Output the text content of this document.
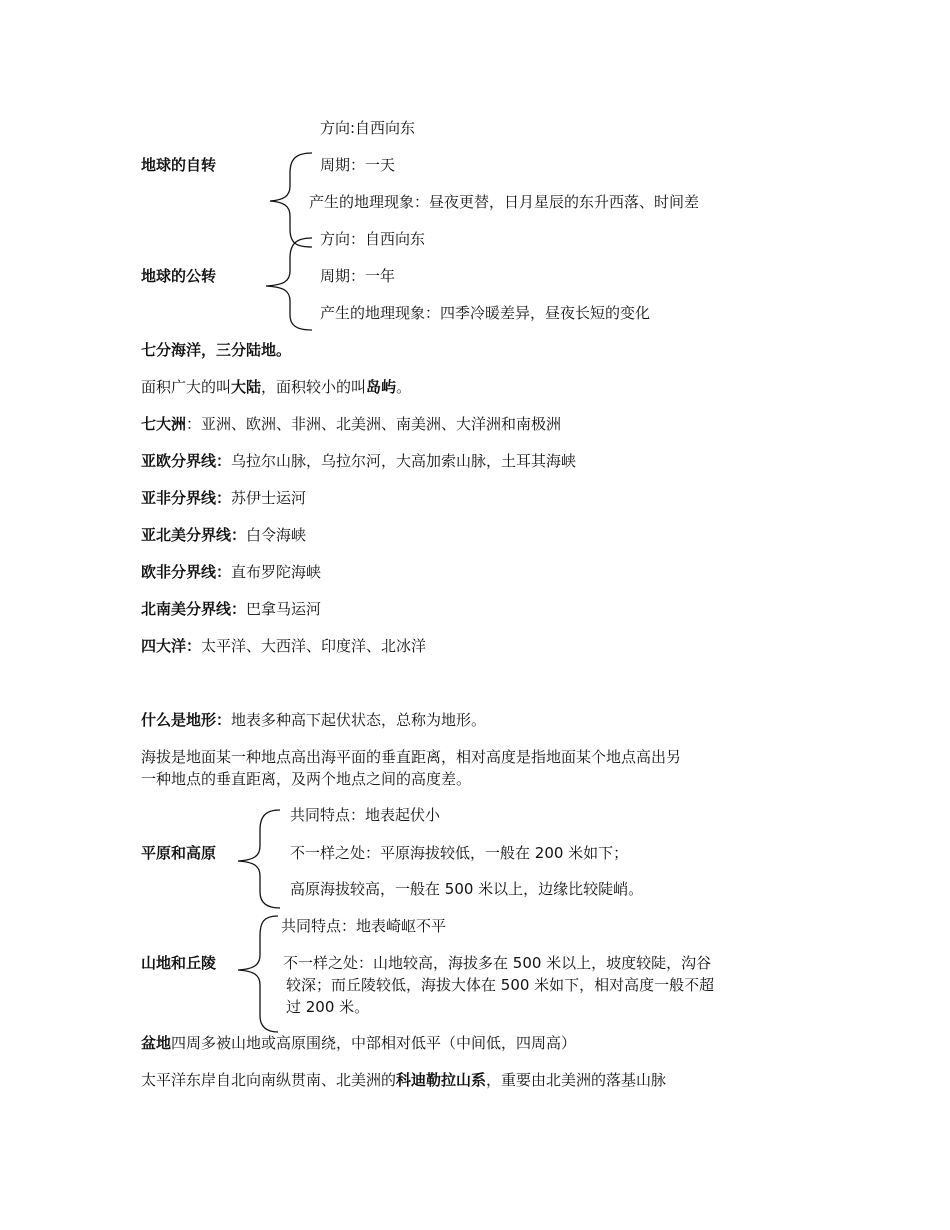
方向:自西向东
地球的自转	周期：一天
产生的地理现象：昼夜更替，日月星辰的东升西落、时间差
方向：自西向东
地球的公转	周期：一年
产生的地理现象：四季冷暖差异，昼夜长短的变化
七分海洋，三分陆地。
面积广大的叫大陆，面积较小的叫岛屿。
七大洲：亚洲、欧洲、非洲、北美洲、南美洲、大洋洲和南极洲
亚欧分界线：乌拉尔山脉，乌拉尔河，大高加索山脉，土耳其海峡
亚非分界线：苏伊士运河
亚北美分界线：白令海峡
欧非分界线：直布罗陀海峡
北南美分界线：巴拿马运河
四大洋：太平洋、大西洋、印度洋、北冰洋
什么是地形：地表多种高下起伏状态，总称为地形。
海拔是地面某一种地点高出海平面的垂直距离，相对高度是指地面某个地点高出另
一种地点的垂直距离，及两个地点之间的高度差。
共同特点：地表起伏小
平原和高原	不一样之处：平原海拔较低，一般在 200 米如下；
高原海拔较高，一般在 500 米以上，边缘比较陡峭。
共同特点：地表崎岖不平
山地和丘陵	不一样之处：山地较高，海拔多在 500 米以上，坡度较陡，沟谷
较深；而丘陵较低，海拔大体在 500 米如下，相对高度一般不超
过 200 米。
盆地四周多被山地或高原围绕，中部相对低平（中间低，四周高）
太平洋东岸自北向南纵贯南、北美洲的科迪勒拉山系，重要由北美洲的落基山脉
